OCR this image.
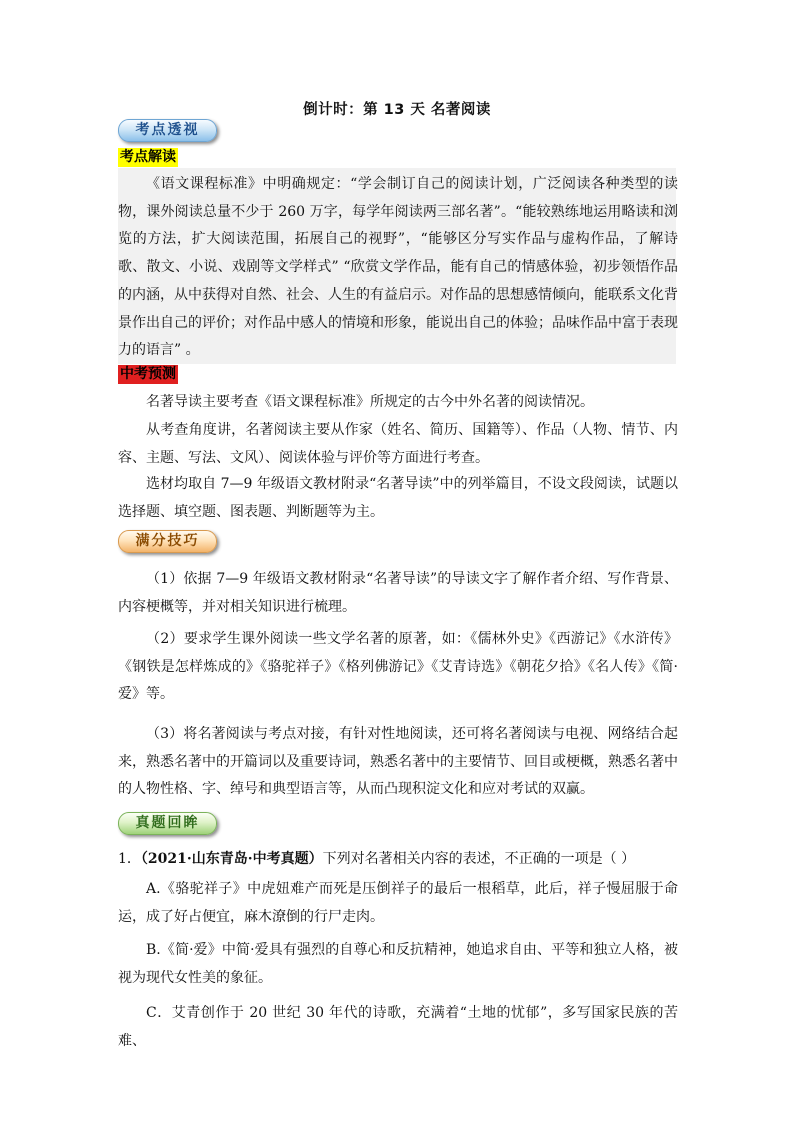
倒计时：第 13 天 名著阅读
考点透视
考点解读
《语文课程标准》中明确规定：“学会制订自己的阅读计划，广泛阅读各种类型的读物，课外阅读总量不少于 260 万字，每学年阅读两三部名著”。“能较熟练地运用略读和浏览的方法，扩大阅读范围，拓展自己的视野”，“能够区分写实作品与虚构作品，了解诗歌、散文、小说、戏剧等文学样式” “欣赏文学作品，能有自己的情感体验，初步领悟作品的内涵，从中获得对自然、社会、人生的有益启示。对作品的思想感情倾向，能联系文化背景作出自己的评价；对作品中感人的情境和形象，能说出自己的体验；品味作品中富于表现力的语言” 。
中考预测
名著导读主要考查《语文课程标准》所规定的古今中外名著的阅读情况。
从考查角度讲，名著阅读主要从作家（姓名、简历、国籍等）、作品（人物、情节、内容、主题、写法、文风）、阅读体验与评价等方面进行考查。
选材均取自 7—9 年级语文教材附录“名著导读”中的列举篇目，不设文段阅读，试题以选择题、填空题、图表题、判断题等为主。
满分技巧
（1）依据 7—9 年级语文教材附录“名著导读”的导读文字了解作者介绍、写作背景、内容梗概等，并对相关知识进行梳理。
（2）要求学生课外阅读一些文学名著的原著，如：《儒林外史》《西游记》《水浒传》《钢铁是怎样炼成的》《骆驼祥子》《格列佛游记》《艾青诗选》《朝花夕拾》《名人传》《简·爱》等。
（3）将名著阅读与考点对接，有针对性地阅读，还可将名著阅读与电视、网络结合起来，熟悉名著中的开篇词以及重要诗词，熟悉名著中的主要情节、回目或梗概，熟悉名著中的人物性格、字、绰号和典型语言等，从而凸现积淀文化和应对考试的双赢。
真题回眸
1．（2021·山东青岛·中考真题）下列对名著相关内容的表述，不正确的一项是（ ）
A.《骆驼祥子》中虎妞难产而死是压倒祥子的最后一根稻草，此后，祥子慢屈服于命运，成了好占便宜，麻木潦倒的行尸走肉。
B.《简·爱》中简·爱具有强烈的自尊心和反抗精神，她追求自由、平等和独立人格，被视为现代女性美的象征。
C．艾青创作于 20 世纪 30 年代的诗歌，充满着“土地的忧郁”，多写国家民族的苦难、
